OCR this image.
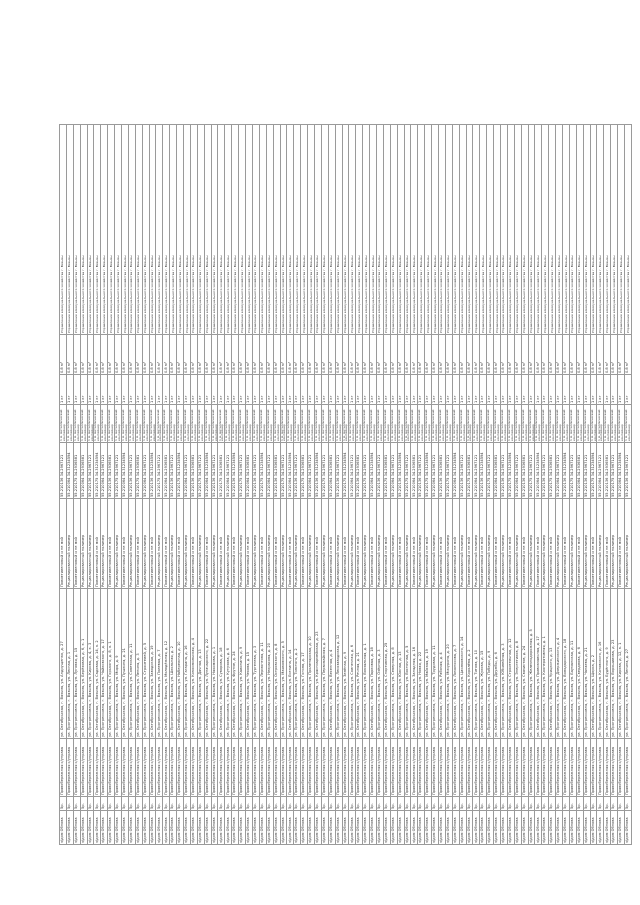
з/дом Обнова	5р.	Правобережная с/управа	ул. Октябрьская, г. Вязьма, ул. Андрущенко, д. 27	Полиэтиленовый и не мой	55.210136 34.2967121	1 м. металлический контейнер	1 кг	0.8 м³	Управление коммунального хозяйства г. Вязьмы
з/дом Обнова	5р.	Правобережная с/управа	ул. Прогрессивна, г. Вязьма, ул. Лесная, д. 1	Рециклированный полимер	55.210064 34.31234594	1 м. металлический контейнер	1 кг	0.8 м³	Управление коммунального хозяйства г. Вязьмы
з/дом Обнова	5р.	Правобережная с/управа	ул. Прогрессивна, г. Вязьма, ул. Луговая, д. 15	Полиэтиленовый и не мой	55.210175 34.2936581	1 м. металлический контейнер	1 кг	0.8 м³	Управление коммунального хозяйства г. Вязьмы
з/дом Обнова	5р.	Правобережная с/управа	ул. Октябрьская, г. Вязьма, ул. Берёзовая, д. 6, к. 1	Рециклированный полимер	55.210064 34.2936581	1 м. металлический контейнер	1 кг	0.8 м³	Управление коммунального хозяйства г. Вязьмы
з/дом Обнова	5р.	Правобережная с/управа	ул. Прогрессивна, г. Вязьма, ул. Кирова, д. 4, к. 3	Рециклированный полимер	55.210136 34.2967121	1 м. металлический контейнер	1 кг	0.8 м³	Управление коммунального хозяйства г. Вязьмы
з/дом Обнова	5р.	Правобережная с/управа	ул. Октябрьская, г. Вязьма, ул. Садовая, д. 14, к. 2	Полиэтиленовый и не мой	55.210175 34.31234594	1 м. металлический контейнер	1 кг	0.8 м³	Управление коммунального хозяйства г. Вязьмы
з/дом Обнова	5р.	Правобережная с/управа	ул. Прогрессивна, г. Вязьма, ул. Чайковского, д. 17	Рециклированный полимер	55.210064 34.2967121	1 м. металлический контейнер	1 кг	0.8 м³	Управление коммунального хозяйства г. Вязьмы
з/дом Обнова	5р.	Правобережная с/управа	ул. Октябрьская, г. Вязьма, ул. Горького, д. 8, к. 1	Полиэтиленовый и не мой	55.210136 34.2936581	1 м. металлический контейнер	1 кг	0.8 м³	Управление коммунального хозяйства г. Вязьмы
з/дом Обнова	5р.	Правобережная с/управа	ул. Прогрессивна, г. Вязьма, ул. Мира, д. 9	Рециклированный полимер	55.210175 34.2967121	1 м. металлический контейнер	1 кг	0.8 м³	Управление коммунального хозяйства г. Вязьмы
з/дом Обнова	5р.	Правобережная с/управа	ул. Октябрьская, г. Вязьма, ул. Пушкина, д. 21	Полиэтиленовый и не мой	55.210064 34.31234594	1 м. металлический контейнер	1 кг	0.8 м³	Управление коммунального хозяйства г. Вязьмы
з/дом Обнова	5р.	Правобережная с/управа	ул. Прогрессивна, г. Вязьма, ул. Советская, д. 11	Рециклированный полимер	55.210136 34.2967121	1 м. металлический контейнер	1 кг	0.8 м³	Управление коммунального хозяйства г. Вязьмы
з/дом Обнова	5р.	Правобережная с/управа	ул. Октябрьская, г. Вязьма, ул. Ленина, д. 3	Полиэтиленовый и не мой	55.210175 34.2936581	1 м. металлический контейнер	1 кг	0.8 м³	Управление коммунального хозяйства г. Вязьмы
з/дом Обнова	5р.	Правобережная с/управа	ул. Прогрессивна, г. Вязьма, ул. Строителей, д. 5	Рециклированный полимер	55.210064 34.2967121	1 м. металлический контейнер	1 кг	0.8 м³	Управление коммунального хозяйства г. Вязьмы
з/дом Обнова	5р.	Правобережная с/управа	ул. Октябрьская, г. Вязьма, ул. Заводская, д. 19	Полиэтиленовый и не мой	55.210136 34.31234594	1 м. металлический контейнер	1 кг	0.8 м³	Управление коммунального хозяйства г. Вязьмы
з/дом Обнова	5р.	Правобережная с/управа	ул. Прогрессивна, г. Вязьма, ул. Полевая, д. 7	Рециклированный полимер	55.210175 34.2967121	1 м. металлический контейнер	1 кг	0.8 м³	Управление коммунального хозяйства г. Вязьмы
з/дом Обнова	5р.	Правобережная с/управа	ул. Октябрьская, г. Вязьма, ул. Молодёжная, д. 12	Полиэтиленовый и не мой	55.210064 34.2936581	1 м. металлический контейнер	1 кг	0.8 м³	Управление коммунального хозяйства г. Вязьмы
з/дом Обнова	5р.	Правобережная с/управа	ул. Прогрессивна, г. Вязьма, ул. Школьная, д. 2	Рециклированный полимер	55.210136 34.2967121	1 м. металлический контейнер	1 кг	0.8 м³	Управление коммунального хозяйства г. Вязьмы
з/дом Обнова	5р.	Правобережная с/управа	ул. Октябрьская, г. Вязьма, ул. Набережная, д. 10	Полиэтиленовый и не мой	55.210175 34.31234594	1 м. металлический контейнер	1 кг	0.8 м³	Управление коммунального хозяйства г. Вязьмы
з/дом Обнова	5р.	Правобережная с/управа	ул. Прогрессивна, г. Вязьма, ул. Гагарина, д. 16	Рециклированный полимер	55.210064 34.2967121	1 м. металлический контейнер	1 кг	0.8 м³	Управление коммунального хозяйства г. Вязьмы
з/дом Обнова	5р.	Правобережная с/управа	ул. Октябрьская, г. Вязьма, ул. Комсомольская, д. 4	Полиэтиленовый и не мой	55.210136 34.2936581	1 м. металлический контейнер	1 кг	0.8 м³	Управление коммунального хозяйства г. Вязьмы
з/дом Обнова	5р.	Правобережная с/управа	ул. Прогрессивна, г. Вязьма, ул. Дачная, д. 13	Рециклированный полимер	55.210175 34.2967121	1 м. металлический контейнер	1 кг	0.8 м³	Управление коммунального хозяйства г. Вязьмы
з/дом Обнова	5р.	Правобережная с/управа	ул. Октябрьская, г. Вязьма, ул. Луначарского, д. 22	Полиэтиленовый и не мой	55.210064 34.31234594	1 м. металлический контейнер	1 кг	0.8 м³	Управление коммунального хозяйства г. Вязьмы
з/дом Обнова	5р.	Правобережная с/управа	ул. Прогрессивна, г. Вязьма, ул. Нахимова, д. 1	Рециклированный полимер	55.210136 34.2967121	1 м. металлический контейнер	1 кг	0.8 м³	Управление коммунального хозяйства г. Вязьмы
з/дом Обнова	5р.	Правобережная с/управа	ул. Октябрьская, г. Вязьма, ул. Суворова, д. 18	Полиэтиленовый и не мой	55.210175 34.2936581	1 м. металлический контейнер	1 кг	0.8 м³	Управление коммунального хозяйства г. Вязьмы
з/дом Обнова	5р.	Правобережная с/управа	ул. Прогрессивна, г. Вязьма, ул. Кутузова, д. 6	Рециклированный полимер	55.210064 34.2967121	1 м. металлический контейнер	1 кг	0.8 м³	Управление коммунального хозяйства г. Вязьмы
з/дом Обнова	5р.	Правобережная с/управа	ул. Октябрьская, г. Вязьма, ул. Фрунзе, д. 24	Полиэтиленовый и не мой	55.210136 34.31234594	1 м. металлический контейнер	1 кг	0.8 м³	Управление коммунального хозяйства г. Вязьмы
з/дом Обнова	5р.	Правобережная с/управа	ул. Прогрессивна, г. Вязьма, ул. Калинина, д. 9	Рециклированный полимер	55.210175 34.2967121	1 м. металлический контейнер	1 кг	0.8 м³	Управление коммунального хозяйства г. Вязьмы
з/дом Обнова	5р.	Правобережная с/управа	ул. Октябрьская, г. Вязьма, ул. Чехова, д. 15	Полиэтиленовый и не мой	55.210064 34.2936581	1 м. металлический контейнер	1 кг	0.8 м³	Управление коммунального хозяйства г. Вязьмы
з/дом Обнова	5р.	Правобережная с/управа	ул. Прогрессивна, г. Вязьма, ул. Тургенева, д. 3	Рециклированный полимер	55.210136 34.2967121	1 м. металлический контейнер	1 кг	0.8 м³	Управление коммунального хозяйства г. Вязьмы
з/дом Обнова	5р.	Правобережная с/управа	ул. Октябрьская, г. Вязьма, ул. Лермонтова, д. 11	Полиэтиленовый и не мой	55.210175 34.31234594	1 м. металлический контейнер	1 кг	0.8 м³	Управление коммунального хозяйства г. Вязьмы
з/дом Обнова	5р.	Правобережная с/управа	ул. Прогрессивна, г. Вязьма, ул. Некрасова, д. 20	Рециклированный полимер	55.210064 34.2967121	1 м. металлический контейнер	1 кг	0.8 м³	Управление коммунального хозяйства г. Вязьмы
з/дом Обнова	5р.	Правобережная с/управа	ул. Октябрьская, г. Вязьма, ул. Островского, д. 8	Полиэтиленовый и не мой	55.210136 34.2936581	1 м. металлический контейнер	1 кг	0.8 м³	Управление коммунального хозяйства г. Вязьмы
з/дом Обнова	5р.	Правобережная с/управа	ул. Прогрессивна, г. Вязьма, ул. Маяковского, д. 5	Рециклированный полимер	55.210175 34.2967121	1 м. металлический контейнер	1 кг	0.8 м³	Управление коммунального хозяйства г. Вязьмы
з/дом Обнова	5р.	Правобережная с/управа	ул. Октябрьская, г. Вязьма, ул. Есенина, д. 14	Полиэтиленовый и не мой	55.210064 34.31234594	1 м. металлический контейнер	1 кг	0.8 м³	Управление коммунального хозяйства г. Вязьмы
з/дом Обнова	5р.	Правобережная с/управа	ул. Прогрессивна, г. Вязьма, ул. Толстого, д. 2	Рециклированный полимер	55.210136 34.2967121	1 м. металлический контейнер	1 кг	0.8 м³	Управление коммунального хозяйства г. Вязьмы
з/дом Обнова	5р.	Правобережная с/управа	ул. Октябрьская, г. Вязьма, ул. Гоголя, д. 17	Полиэтиленовый и не мой	55.210175 34.2936581	1 м. металлический контейнер	1 кг	0.8 м³	Управление коммунального хозяйства г. Вязьмы
з/дом Обнова	5р.	Правобережная с/управа	ул. Прогрессивна, г. Вязьма, ул. Пролетарская, д. 10	Рециклированный полимер	55.210064 34.2967121	1 м. металлический контейнер	1 кг	0.8 м³	Управление коммунального хозяйства г. Вязьмы
з/дом Обнова	5р.	Правобережная с/управа	ул. Октябрьская, г. Вязьма, ул. Красноармейская, д. 23	Полиэтиленовый и не мой	55.210136 34.31234594	1 м. металлический контейнер	1 кг	0.8 м³	Управление коммунального хозяйства г. Вязьмы
з/дом Обнова	5р.	Правобережная с/управа	ул. Прогрессивна, г. Вязьма, ул. Первомайская, д. 7	Рециклированный полимер	55.210175 34.2967121	1 м. металлический контейнер	1 кг	0.8 м³	Управление коммунального хозяйства г. Вязьмы
з/дом Обнова	5р.	Правобережная с/управа	ул. Октябрьская, г. Вязьма, ул. Весенняя, д. 4	Полиэтиленовый и не мой	55.210064 34.2936581	1 м. металлический контейнер	1 кг	0.8 м³	Управление коммунального хозяйства г. Вязьмы
з/дом Обнова	5р.	Правобережная с/управа	ул. Прогрессивна, г. Вязьма, ул. Лесозаводская, д. 12	Рециклированный полимер	55.210136 34.2967121	1 м. металлический контейнер	1 кг	0.8 м³	Управление коммунального хозяйства г. Вязьмы
з/дом Обнова	5р.	Правобережная с/управа	ул. Октябрьская, г. Вязьма, ул. Зелёная, д. 9	Полиэтиленовый и не мой	55.210175 34.31234594	1 м. металлический контейнер	1 кг	0.8 м³	Управление коммунального хозяйства г. Вязьмы
з/дом Обнова	5р.	Правобережная с/управа	ул. Прогрессивна, г. Вязьма, ул. Солнечная, д. 6	Рециклированный полимер	55.210064 34.2967121	1 м. металлический контейнер	1 кг	0.8 м³	Управление коммунального хозяйства г. Вязьмы
з/дом Обнова	5р.	Правобережная с/управа	ул. Октябрьская, г. Вязьма, ул. Речная, д. 21	Полиэтиленовый и не мой	55.210136 34.2936581	1 м. металлический контейнер	1 кг	0.8 м³	Управление коммунального хозяйства г. Вязьмы
з/дом Обнова	5р.	Правобережная с/управа	ул. Прогрессивна, г. Вязьма, ул. Вокзальная, д. 1	Рециклированный полимер	55.210175 34.2967121	1 м. металлический контейнер	1 кг	0.8 м³	Управление коммунального хозяйства г. Вязьмы
з/дом Обнова	5р.	Правобережная с/управа	ул. Октябрьская, г. Вязьма, ул. Парковая, д. 18	Полиэтиленовый и не мой	55.210064 34.31234594	1 м. металлический контейнер	1 кг	0.8 м³	Управление коммунального хозяйства г. Вязьмы
з/дом Обнова	5р.	Правобережная с/управа	ул. Прогрессивна, г. Вязьма, ул. Озёрная, д. 3	Рециклированный полимер	55.210136 34.2967121	1 м. металлический контейнер	1 кг	0.8 м³	Управление коммунального хозяйства г. Вязьмы
з/дом Обнова	5р.	Правобережная с/управа	ул. Октябрьская, г. Вязьма, ул. Спортивная, д. 25	Полиэтиленовый и не мой	55.210175 34.2936581	1 м. металлический контейнер	1 кг	0.8 м³	Управление коммунального хозяйства г. Вязьмы
з/дом Обнова	5р.	Правобережная с/управа	ул. Прогрессивна, г. Вязьма, ул. Северная, д. 8	Рециклированный полимер	55.210064 34.2967121	1 м. металлический контейнер	1 кг	0.8 м³	Управление коммунального хозяйства г. Вязьмы
з/дом Обнова	5р.	Правобережная с/управа	ул. Октябрьская, г. Вязьма, ул. Южная, д. 13	Полиэтиленовый и не мой	55.210136 34.31234594	1 м. металлический контейнер	1 кг	0.8 м³	Управление коммунального хозяйства г. Вязьмы
з/дом Обнова	5р.	Правобережная с/управа	ул. Прогрессивна, г. Вязьма, ул. Восточная, д. 5	Рециклированный полимер	55.210175 34.2967121	1 м. металлический контейнер	1 кг	0.8 м³	Управление коммунального хозяйства г. Вязьмы
з/дом Обнова	5р.	Правобережная с/управа	ул. Октябрьская, г. Вязьма, ул. Западная, д. 16	Полиэтиленовый и не мой	55.210064 34.2936581	1 м. металлический контейнер	1 кг	0.8 м³	Управление коммунального хозяйства г. Вязьмы
з/дом Обнова	5р.	Правобережная с/управа	ул. Прогрессивна, г. Вязьма, ул. Новая, д. 22	Рециклированный полимер	55.210136 34.2967121	1 м. металлический контейнер	1 кг	0.8 м³	Управление коммунального хозяйства г. Вязьмы
з/дом Обнова	5р.	Правобережная с/управа	ул. Октябрьская, г. Вязьма, ул. Майская, д. 19	Полиэтиленовый и не мой	55.210175 34.31234594	1 м. металлический контейнер	1 кг	0.8 м³	Управление коммунального хозяйства г. Вязьмы
з/дом Обнова	5р.	Правобережная с/управа	ул. Прогрессивна, г. Вязьма, ул. Трудовая, д. 11	Рециклированный полимер	55.210064 34.2967121	1 м. металлический контейнер	1 кг	0.8 м³	Управление коммунального хозяйства г. Вязьмы
з/дом Обнова	5р.	Правобережная с/управа	ул. Октябрьская, г. Вязьма, ул. Рабочая, д. 4	Полиэтиленовый и не мой	55.210136 34.2936581	1 м. металлический контейнер	1 кг	0.8 м³	Управление коммунального хозяйства г. Вязьмы
з/дом Обнова	5р.	Правобережная с/управа	ул. Прогрессивна, г. Вязьма, ул. Мичурина, д. 20	Рециклированный полимер	55.210175 34.2967121	1 м. металлический контейнер	1 кг	0.8 м³	Управление коммунального хозяйства г. Вязьмы
з/дом Обнова	5р.	Правобережная с/управа	ул. Октябрьская, г. Вязьма, ул. Ломоносова, д. 7	Полиэтиленовый и не мой	55.210064 34.31234594	1 м. металлический контейнер	1 кг	0.8 м³	Управление коммунального хозяйства г. Вязьмы
з/дом Обнова	5р.	Правобережная с/управа	ул. Прогрессивна, г. Вязьма, ул. Циолковского, д. 14	Рециклированный полимер	55.210136 34.2967121	1 м. металлический контейнер	1 кг	0.8 м³	Управление коммунального хозяйства г. Вязьмы
з/дом Обнова	5р.	Правобережная с/управа	ул. Октябрьская, г. Вязьма, ул. Королёва, д. 2	Полиэтиленовый и не мой	55.210175 34.2936581	1 м. металлический контейнер	1 кг	0.8 м³	Управление коммунального хозяйства г. Вязьмы
з/дом Обнова	5р.	Правобережная с/управа	ул. Прогрессивна, г. Вязьма, ул. Титова, д. 10	Рециклированный полимер	55.210064 34.2967121	1 м. металлический контейнер	1 кг	0.8 м³	Управление коммунального хозяйства г. Вязьмы
з/дом Обнова	5р.	Правобережная с/управа	ул. Октябрьская, г. Вязьма, ул. Жукова, д. 15	Полиэтиленовый и не мой	55.210136 34.31234594	1 м. металлический контейнер	1 кг	0.8 м³	Управление коммунального хозяйства г. Вязьмы
з/дом Обнова	5р.	Правобережная с/управа	ул. Прогрессивна, г. Вязьма, ул. Победы, д. 9	Рециклированный полимер	55.210175 34.2967121	1 м. металлический контейнер	1 кг	0.8 м³	Управление коммунального хозяйства г. Вязьмы
з/дом Обнова	5р.	Правобережная с/управа	ул. Октябрьская, г. Вязьма, ул. Дружбы, д. 6	Полиэтиленовый и не мой	55.210064 34.2936581	1 м. металлический контейнер	1 кг	0.8 м³	Управление коммунального хозяйства г. Вязьмы
з/дом Обнова	5р.	Правобережная с/управа	ул. Прогрессивна, г. Вязьма, ул. Юбилейная, д. 3	Рециклированный полимер	55.210136 34.2967121	1 м. металлический контейнер	1 кг	0.8 м³	Управление коммунального хозяйства г. Вязьмы
з/дом Обнова	5р.	Правобережная с/управа	ул. Октябрьская, г. Вязьма, ул. Строительная, д. 12	Полиэтиленовый и не мой	55.210175 34.31234594	1 м. металлический контейнер	1 кг	0.8 м³	Управление коммунального хозяйства г. Вязьмы
з/дом Обнова	5р.	Правобережная с/управа	ул. Прогрессивна, г. Вязьма, ул. Энергетиков, д. 8	Рециклированный полимер	55.210064 34.2967121	1 м. металлический контейнер	1 кг	0.8 м³	Управление коммунального хозяйства г. Вязьмы
з/дом Обнова	5р.	Правобережная с/управа	ул. Октябрьская, г. Вязьма, ул. Связистов, д. 24	Полиэтиленовый и не мой	55.210136 34.2936581	1 м. металлический контейнер	1 кг	0.8 м³	Управление коммунального хозяйства г. Вязьмы
з/дом Обнова	5р.	Правобережная с/управа	ул. Прогрессивна, г. Вязьма, ул. Железнодорожная, д. 5	Рециклированный полимер	55.210175 34.2967121	1 м. металлический контейнер	1 кг	0.8 м³	Управление коммунального хозяйства г. Вязьмы
з/дом Обнова	5р.	Правобережная с/управа	ул. Октябрьская, г. Вязьма, ул. Привокзальная, д. 17	Полиэтиленовый и не мой	55.210064 34.31234594	1 м. металлический контейнер	1 кг	0.8 м³	Управление коммунального хозяйства г. Вязьмы
з/дом Обнова	5р.	Правобережная с/управа	ул. Прогрессивна, г. Вязьма, ул. Кооперативная, д. 1	Рециклированный полимер	55.210136 34.2967121	1 м. металлический контейнер	1 кг	0.8 м³	Управление коммунального хозяйства г. Вязьмы
з/дом Обнова	5р.	Правобережная с/управа	ул. Октябрьская, г. Вязьма, ул. Урицкого, д. 13	Полиэтиленовый и не мой	55.210175 34.2936581	1 м. металлический контейнер	1 кг	0.8 м³	Управление коммунального хозяйства г. Вязьмы
з/дом Обнова	5р.	Правобережная с/управа	ул. Прогрессивна, г. Вязьма, ул. Дзержинского, д. 4	Рециклированный полимер	55.210064 34.2967121	1 м. металлический контейнер	1 кг	0.8 м³	Управление коммунального хозяйства г. Вязьмы
з/дом Обнова	5р.	Правобережная с/управа	ул. Октябрьская, г. Вязьма, ул. Володарского, д. 18	Полиэтиленовый и не мой	55.210136 34.31234594	1 м. металлический контейнер	1 кг	0.8 м³	Управление коммунального хозяйства г. Вязьмы
з/дом Обнова	5р.	Правобережная с/управа	ул. Прогрессивна, г. Вязьма, ул. Бауманская, д. 11	Рециклированный полимер	55.210175 34.2967121	1 м. металлический контейнер	1 кг	0.8 м³	Управление коммунального хозяйства г. Вязьмы
з/дом Обнова	5р.	Правобережная с/управа	ул. Октябрьская, г. Вязьма, ул. Свердлова, д. 6	Полиэтиленовый и не мой	55.210064 34.2936581	1 м. металлический контейнер	1 кг	0.8 м³	Управление коммунального хозяйства г. Вязьмы
з/дом Обнова	5р.	Правобережная с/управа	ул. Прогрессивна, г. Вязьма, ул. Чапаева, д. 21	Рециклированный полимер	55.210136 34.2967121	1 м. металлический контейнер	1 кг	0.8 м³	Управление коммунального хозяйства г. Вязьмы
з/дом Обнова	5р.	Правобережная с/управа	ул. Октябрьская, г. Вязьма, ул. Щорса, д. 2	Полиэтиленовый и не мой	55.210175 34.31234594	1 м. металлический контейнер	1 кг	0.8 м³	Управление коммунального хозяйства г. Вязьмы
з/дом Обнова	5р.	Правобережная с/управа	ул. Прогрессивна, г. Вязьма, ул. Котовского, д. 16	Рециклированный полимер	55.210064 34.2967121	1 м. металлический контейнер	1 кг	0.8 м³	Управление коммунального хозяйства г. Вязьмы
з/дом Обнова	5р.	Правобережная с/управа	ул. Октябрьская, г. Вязьма, ул. Будённого, д. 9	Полиэтиленовый и не мой	55.210136 34.2936581	1 м. металлический контейнер	1 кг	0.8 м³	Управление коммунального хозяйства г. Вязьмы
з/дом Обнова	5р.	Правобережная с/управа	ул. Прогрессивна, г. Вязьма, ул. Ворошилова, д. 23	Рециклированный полимер	55.210175 34.2967121	1 м. металлический контейнер	1 кг	0.8 м³	Управление коммунального хозяйства г. Вязьмы
з/дом Обнова	5р.	Правобережная с/управа	ул. Октябрьская, г. Вязьма, ул. Кирова, д. 12, к. 1	Полиэтиленовый и не мой	55.210064 34.31234594	1 м. металлический контейнер	1 кг	0.8 м³	Управление коммунального хозяйства г. Вязьмы
з/дом Обнова	5р.	Правобережная с/управа	ул. Прогрессивна, г. Вязьма, ул. Ленина, д. 27	Рециклированный полимер	55.210136 34.2967121	1 м. металлический контейнер	1 кг	0.8 м³	Управление коммунального хозяйства г. Вязьмы
